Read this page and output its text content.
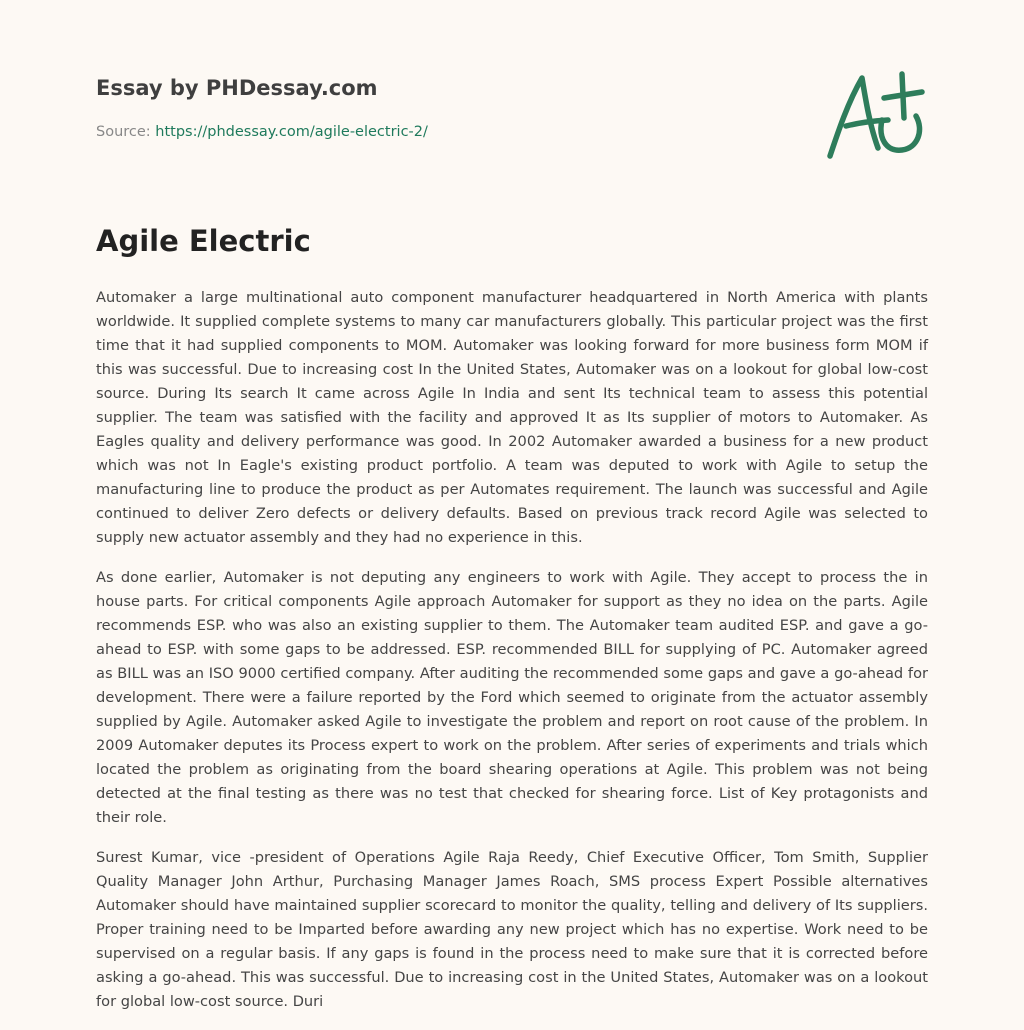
Essay by PHDessay.com
Source: https://phdessay.com/agile-electric-2/
Agile Electric

Automaker a large multinational auto component manufacturer headquartered in North America with plants worldwide. It supplied complete systems to many car manufacturers globally. This particular project was the first time that it had supplied components to MOM. Automaker was looking forward for more business form MOM if this was successful. Due to increasing cost In the United States, Automaker was on a lookout for global low-cost source. During Its search It came across Agile In India and sent Its technical team to assess this potential supplier. The team was satisfied with the facility and approved It as Its supplier of motors to Automaker. As Eagles quality and delivery performance was good. In 2002 Automaker awarded a business for a new product which was not In Eagle's existing product portfolio. A team was deputed to work with Agile to setup the manufacturing line to produce the product as per Automates requirement. The launch was successful and Agile continued to deliver Zero defects or delivery defaults. Based on previous track record Agile was selected to supply new actuator assembly and they had no experience in this.

As done earlier, Automaker is not deputing any engineers to work with Agile. They accept to process the in house parts. For critical components Agile approach Automaker for support as they no idea on the parts. Agile recommends ESP. who was also an existing supplier to them. The Automaker team audited ESP. and gave a go-ahead to ESP. with some gaps to be addressed. ESP. recommended BILL for supplying of PC. Automaker agreed as BILL was an ISO 9000 certified company. After auditing the recommended some gaps and gave a go-ahead for development. There were a failure reported by the Ford which seemed to originate from the actuator assembly supplied by Agile. Automaker asked Agile to investigate the problem and report on root cause of the problem. In 2009 Automaker deputes its Process expert to work on the problem. After series of experiments and trials which located the problem as originating from the board shearing operations at Agile. This problem was not being detected at the final testing as there was no test that checked for shearing force. List of Key protagonists and their role.

Surest Kumar, vice -president of Operations Agile Raja Reedy, Chief Executive Officer, Tom Smith, Supplier Quality Manager John Arthur, Purchasing Manager James Roach, SMS process Expert Possible alternatives Automaker should have maintained supplier scorecard to monitor the quality, telling and delivery of Its suppliers. Proper training need to be Imparted before awarding any new project which has no expertise. Work need to be supervised on a regular basis. If any gaps is found in the process need to make sure that it is corrected before asking a go-ahead. This was successful. Due to increasing cost in the United States, Automaker was on a lookout for global low-cost source. Duri
